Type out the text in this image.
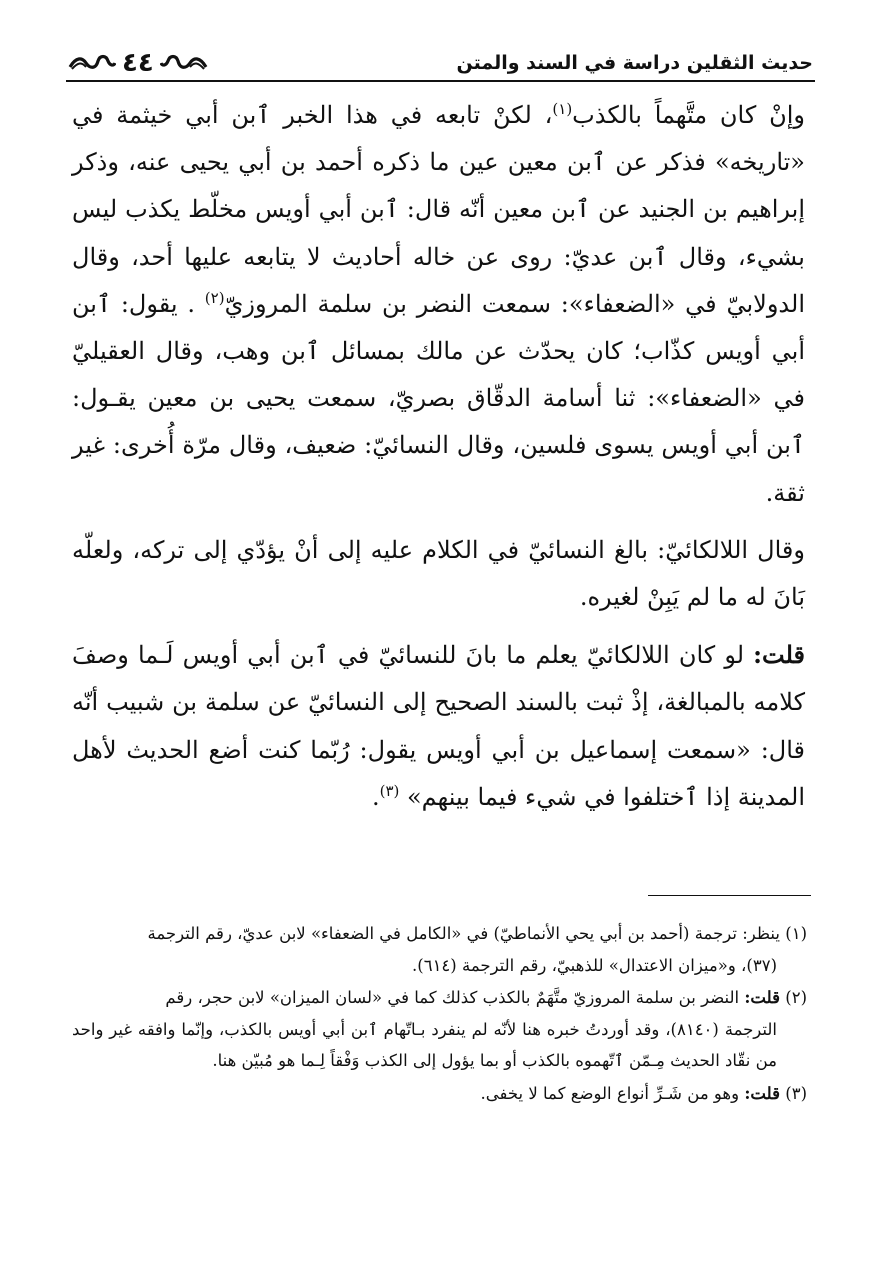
حديث الثقلين دراسة في السند والمتن
٤٤

وإنْ كان متَّهماً بالكذب$^{(١)}$، لكنْ تابعه في هذا الخبر ٱبن أبي خيثمة في «تاريخه» فذكر عن ٱبن معين عين ما ذكره أحمد بن أبي يحيى عنه، وذكر إبراهيم بن الجنيد عن ٱبن معين أنّه قال: ٱبن أبي أويس مخلّط يكذب ليس بشيء، وقال ٱبن عديّ: روى عن خاله أحاديث لا يتابعه عليها أحد، وقال الدولابيّ في «الضعفاء»: سمعت النضر بن سلمة المروزيّ$^{(٢)}$ . يقول: ٱبن أبي أويس كذّاب؛ كان يحدّث عن مالك بمسائل ٱبن وهب، وقال العقيليّ في «الضعفاء»: ثنا أسامة الدقّاق بصريّ، سمعت يحيى بن معين يقـول: ٱبن أبي أويس يسوى فلسين، وقال النسائيّ: ضعيف، وقال مرّة أُخرى: غير ثقة.

وقال اللالكائيّ: بالغ النسائيّ في الكلام عليه إلى أنْ يؤدّي إلى تركه، ولعلّه بَانَ له ما لم يَبِنْ لغيره.

قلت: لو كان اللالكائيّ يعلم ما بانَ للنسائيّ في ٱبن أبي أويس لَـما وصفَ كلامه بالمبالغة، إذْ ثبت بالسند الصحيح إلى النسائيّ عن سلمة بن شبيب أنّه قال: «سمعت إسماعيل بن أبي أويس يقول: رُبّما كنت أضع الحديث لأهل المدينة إذا ٱختلفوا في شيء فيما بينهم» $^{(٣)}$.

(١) ينظر: ترجمة (أحمد بن أبي يحي الأنماطيّ) في «الكامل في الضعفاء» لابن عديّ، رقم الترجمة
(٣٧)، و«ميزان الاعتدال» للذهبيّ، رقم الترجمة (٦١٤).
(٢) قلت: النضر بن سلمة المروزيّ متَّهَمٌ بالكذب كذلك كما في «لسان الميزان» لابن حجر، رقم
الترجمة (٨١٤٠)، وقد أوردتُ خبره هنا لأنّه لم ينفرد بـاتّهام ٱبن أبي أويس بالكذب، وإنّما وافقه غير واحد من نقّاد الحديث مِـمّن ٱتّهموه بالكذب أو بما يؤول إلى الكذب وَفْقاً لِـما هو مُبيّن هنا.
(٣) قلت: وهو من شَـرِّ أنواع الوضع كما لا يخفى.
